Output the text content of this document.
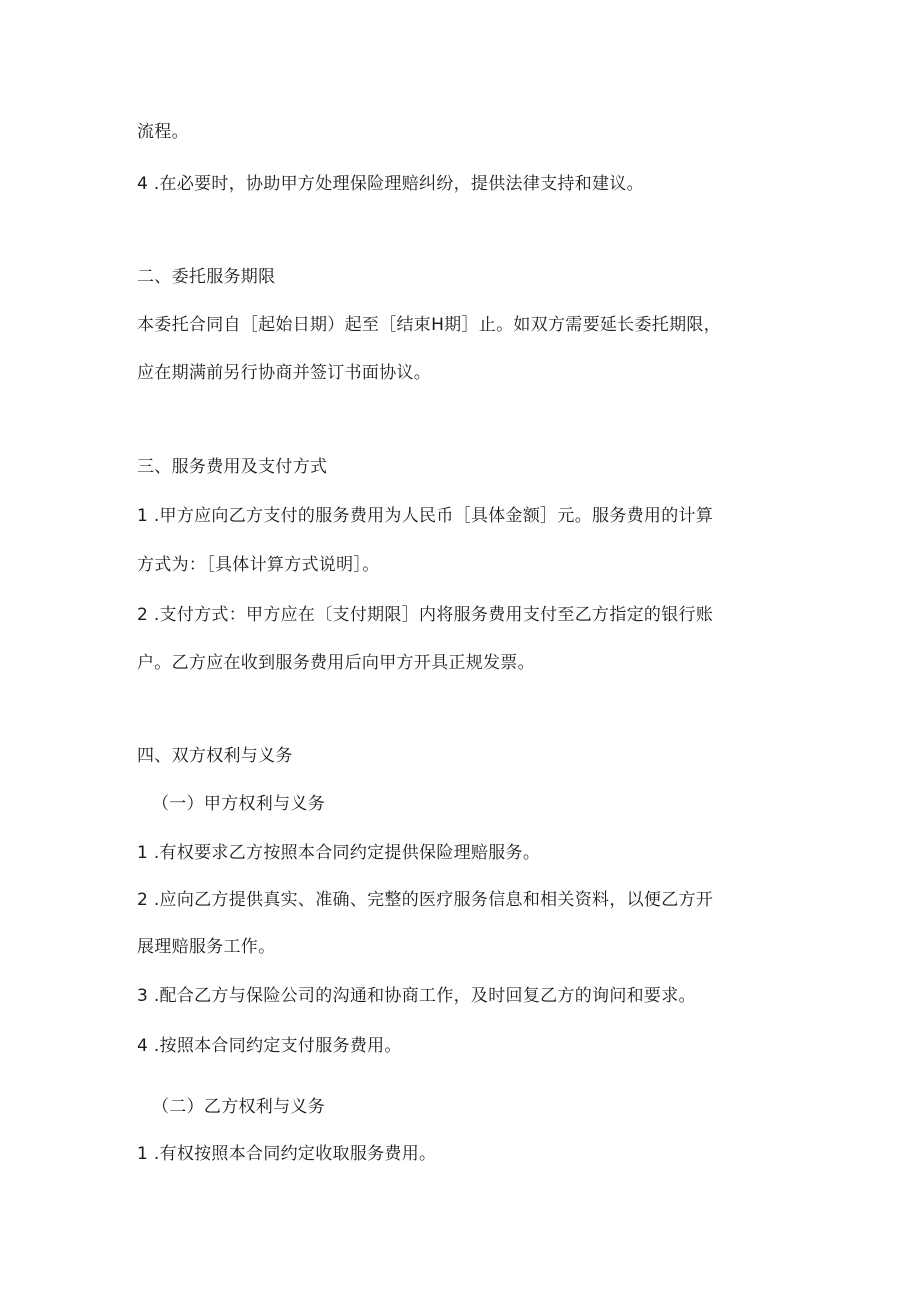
流程。
4 .在必要时，协助甲方处理保险理赔纠纷，提供法律支持和建议。
二、委托服务期限
本委托合同自［起始日期）起至［结束H期］止。如双方需要延长委托期限，
应在期满前另行协商并签订书面协议。
三、服务费用及支付方式
1 .甲方应向乙方支付的服务费用为人民币［具体金额］元。服务费用的计算
方式为：［具体计算方式说明］。
2 .支付方式：甲方应在〔支付期限］内将服务费用支付至乙方指定的银行账
户。乙方应在收到服务费用后向甲方开具正规发票。
四、双方权利与义务
（一）甲方权利与义务
1 .有权要求乙方按照本合同约定提供保险理赔服务。
2 .应向乙方提供真实、准确、完整的医疗服务信息和相关资料，以便乙方开
展理赔服务工作。
3 .配合乙方与保险公司的沟通和协商工作，及时回复乙方的询问和要求。
4 .按照本合同约定支付服务费用。
（二）乙方权利与义务
1 .有权按照本合同约定收取服务费用。
